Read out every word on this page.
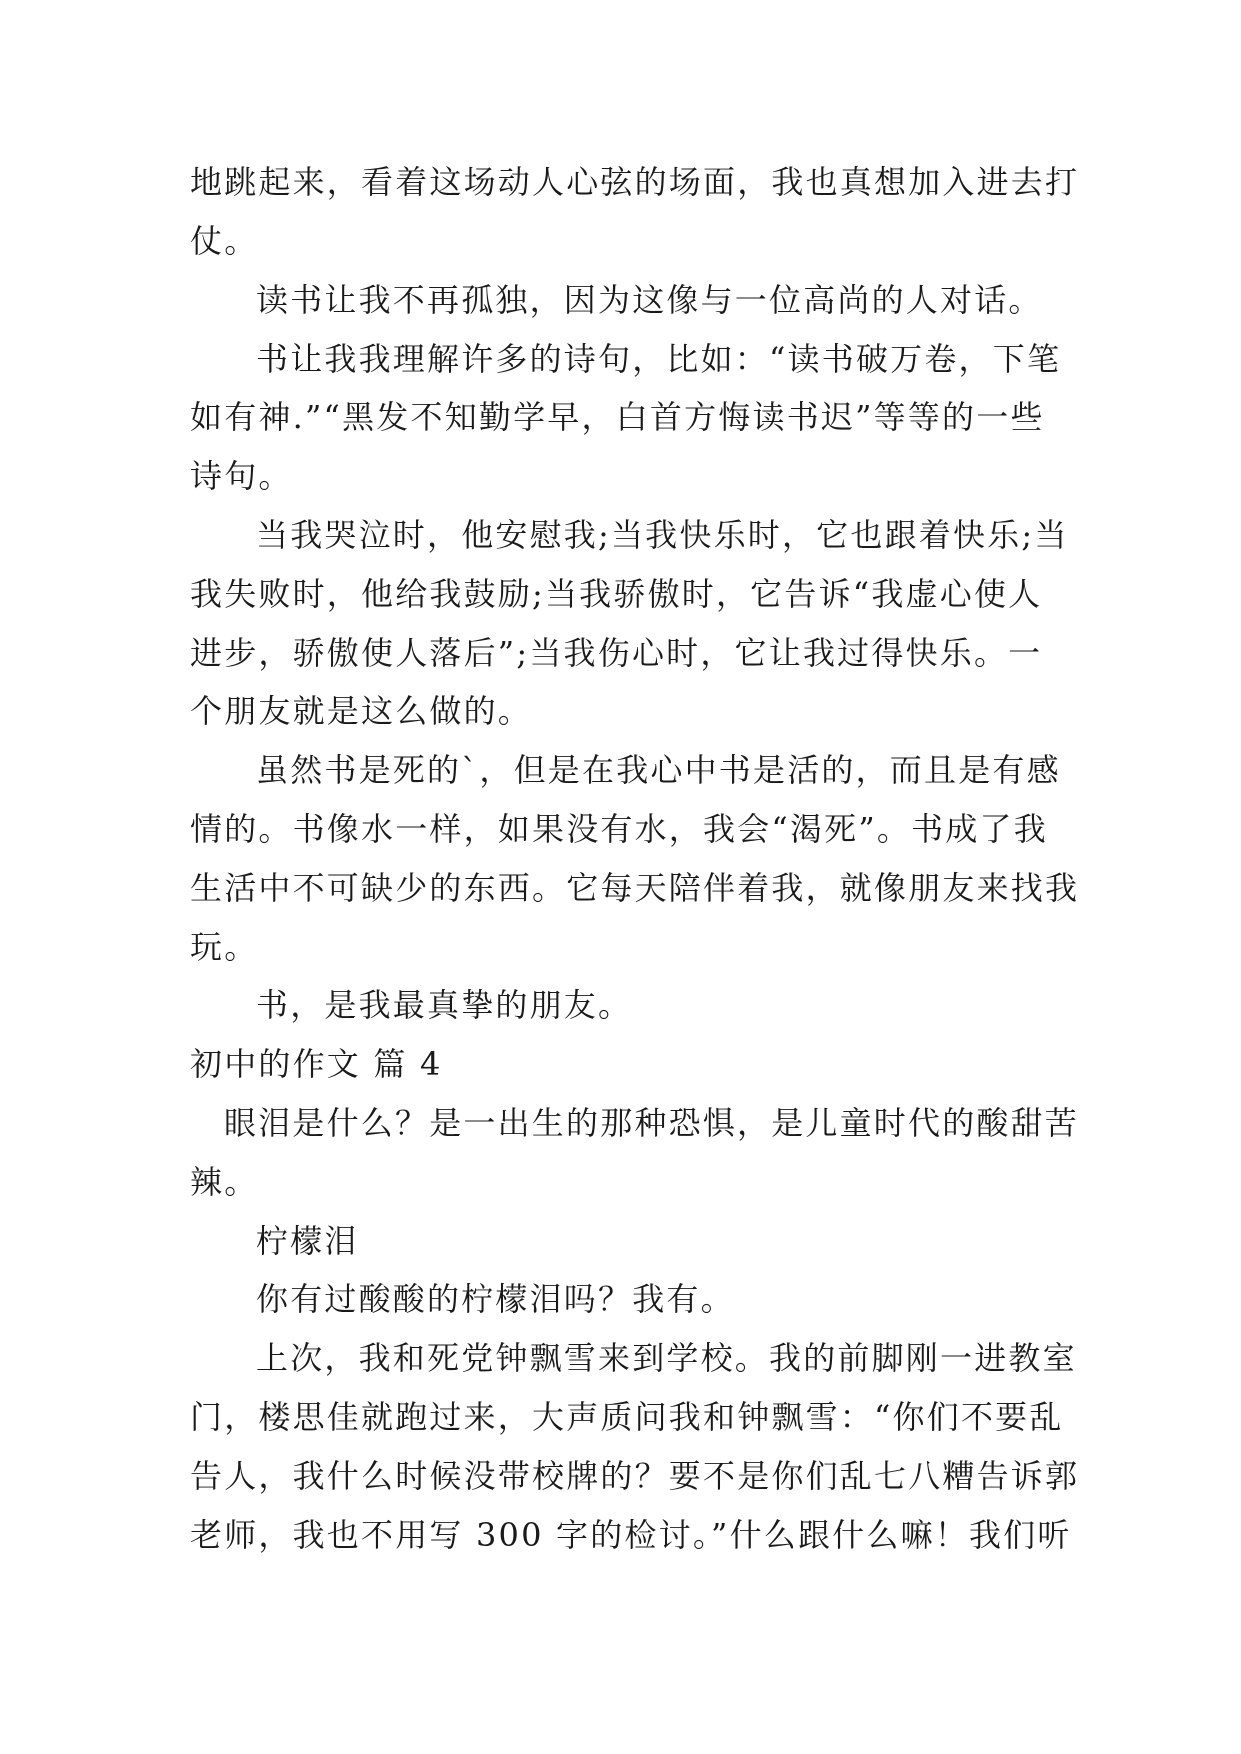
地跳起来，看着这场动人心弦的场面，我也真想加入进去打
仗。
读书让我不再孤独，因为这像与一位高尚的人对话。
书让我我理解许多的诗句，比如：“读书破万卷，下笔
如有神.”“黑发不知勤学早，白首方悔读书迟”等等的一些
诗句。
当我哭泣时，他安慰我;当我快乐时，它也跟着快乐;当
我失败时，他给我鼓励;当我骄傲时，它告诉“我虚心使人
进步，骄傲使人落后”;当我伤心时，它让我过得快乐。一
个朋友就是这么做的。
虽然书是死的`，但是在我心中书是活的，而且是有感
情的。书像水一样，如果没有水，我会“渴死”。书成了我
生活中不可缺少的东西。它每天陪伴着我，就像朋友来找我
玩。
书，是我最真挚的朋友。
初中的作文 篇 4
眼泪是什么？是一出生的那种恐惧，是儿童时代的酸甜苦
辣。
柠檬泪
你有过酸酸的柠檬泪吗？我有。
上次，我和死党钟飘雪来到学校。我的前脚刚一进教室
门，楼思佳就跑过来，大声质问我和钟飘雪：“你们不要乱
告人，我什么时候没带校牌的？要不是你们乱七八糟告诉郭
老师，我也不用写 300 字的检讨。”什么跟什么嘛！我们听
